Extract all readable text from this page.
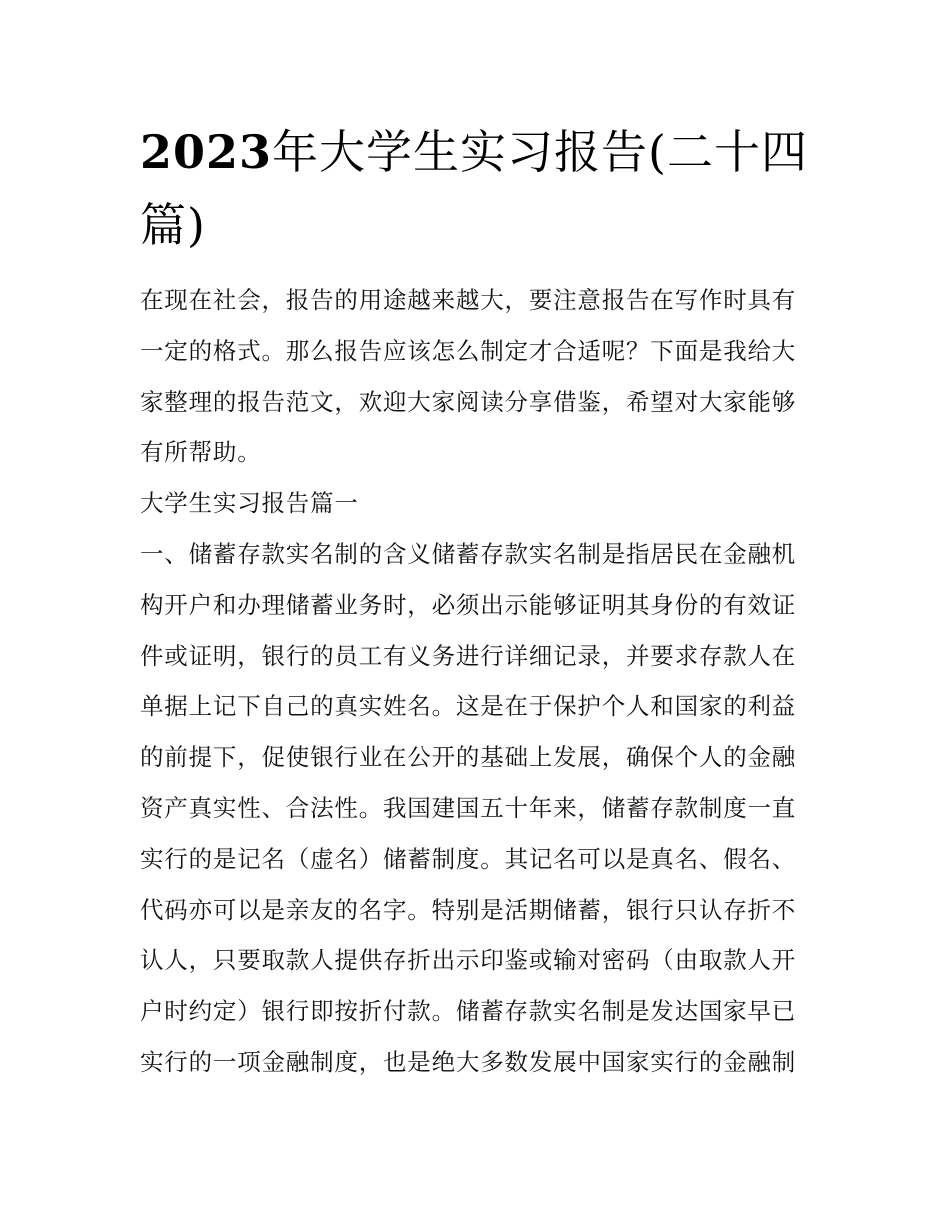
2023年大学生实习报告(二十四篇)

在现在社会，报告的用途越来越大，要注意报告在写作时具有一定的格式。那么报告应该怎么制定才合适呢？下面是我给大家整理的报告范文，欢迎大家阅读分享借鉴，希望对大家能够有所帮助。

大学生实习报告篇一

一、储蓄存款实名制的含义储蓄存款实名制是指居民在金融机构开户和办理储蓄业务时，必须出示能够证明其身份的有效证件或证明，银行的员工有义务进行详细记录，并要求存款人在单据上记下自己的真实姓名。这是在于保护个人和国家的利益的前提下，促使银行业在公开的基础上发展，确保个人的金融资产真实性、合法性。我国建国五十年来，储蓄存款制度一直实行的是记名（虚名）储蓄制度。其记名可以是真名、假名、代码亦可以是亲友的名字。特别是活期储蓄，银行只认存折不认人，只要取款人提供存折出示印鉴或输对密码（由取款人开户时约定）银行即按折付款。储蓄存款实名制是发达国家早已实行的一项金融制度，也是绝大多数发展中国家实行的金融制
